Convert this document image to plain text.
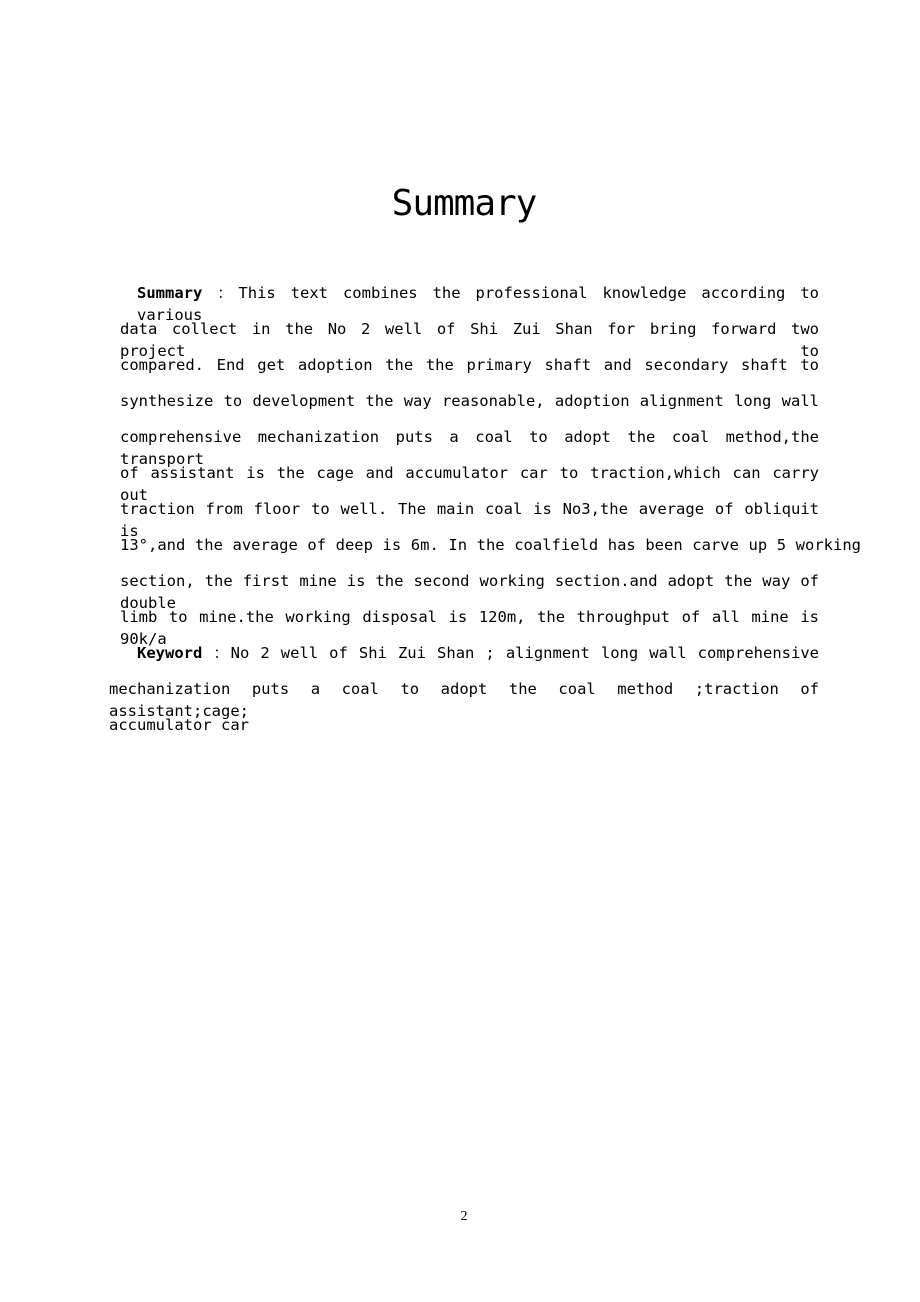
Summary
Summary ：This text combines the professional knowledge according to various
data collect in the No 2 well of Shi Zui Shan for bring forward two project to
compared. End get adoption the the primary shaft and secondary shaft to
synthesize to development the way reasonable, adoption alignment long wall
comprehensive mechanization puts a coal to adopt the coal method,the transport
of assistant is the cage and accumulator car to traction,which can carry out
traction from floor to well. The main coal is No3,the average of obliquit is
13°,and the average of deep is 6m. In the coalfield has been carve up 5 working
section, the first mine is the second working section.and adopt the way of double
limb to mine.the working disposal is 120m, the throughput of all mine is 90k/a
Keyword ：No 2 well of Shi Zui Shan ; alignment long wall comprehensive
mechanization puts a coal to adopt the coal method ;traction of assistant;cage;
accumulator car
2
